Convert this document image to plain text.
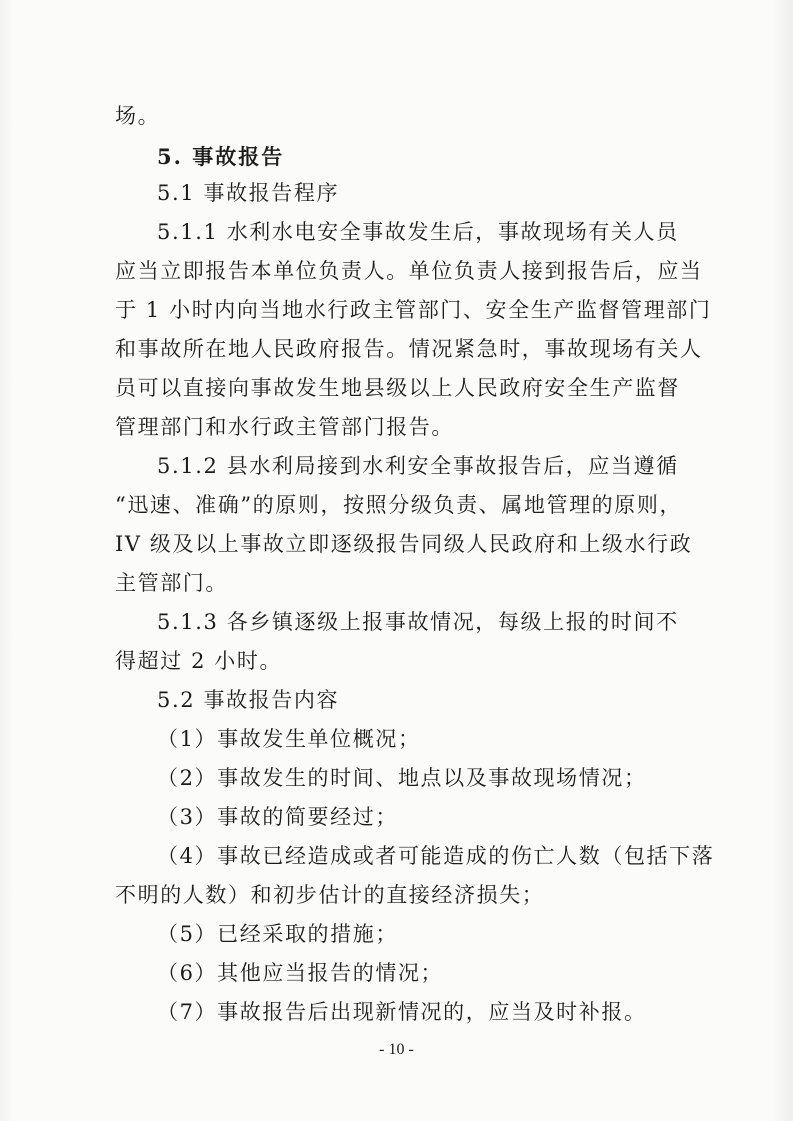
场。
5. 事故报告
5.1 事故报告程序
5.1.1 水利水电安全事故发生后，事故现场有关人员
应当立即报告本单位负责人。单位负责人接到报告后，应当
于 1 小时内向当地水行政主管部门、安全生产监督管理部门
和事故所在地人民政府报告。情况紧急时，事故现场有关人
员可以直接向事故发生地县级以上人民政府安全生产监督
管理部门和水行政主管部门报告。
5.1.2 县水利局接到水利安全事故报告后，应当遵循
“迅速、准确”的原则，按照分级负责、属地管理的原则，
IV 级及以上事故立即逐级报告同级人民政府和上级水行政
主管部门。
5.1.3 各乡镇逐级上报事故情况，每级上报的时间不
得超过 2 小时。
5.2 事故报告内容
（1）事故发生单位概况；
（2）事故发生的时间、地点以及事故现场情况；
（3）事故的简要经过；
（4）事故已经造成或者可能造成的伤亡人数（包括下落
不明的人数）和初步估计的直接经济损失；
（5）已经采取的措施；
（6）其他应当报告的情况；
（7）事故报告后出现新情况的，应当及时补报。
- 10 -
